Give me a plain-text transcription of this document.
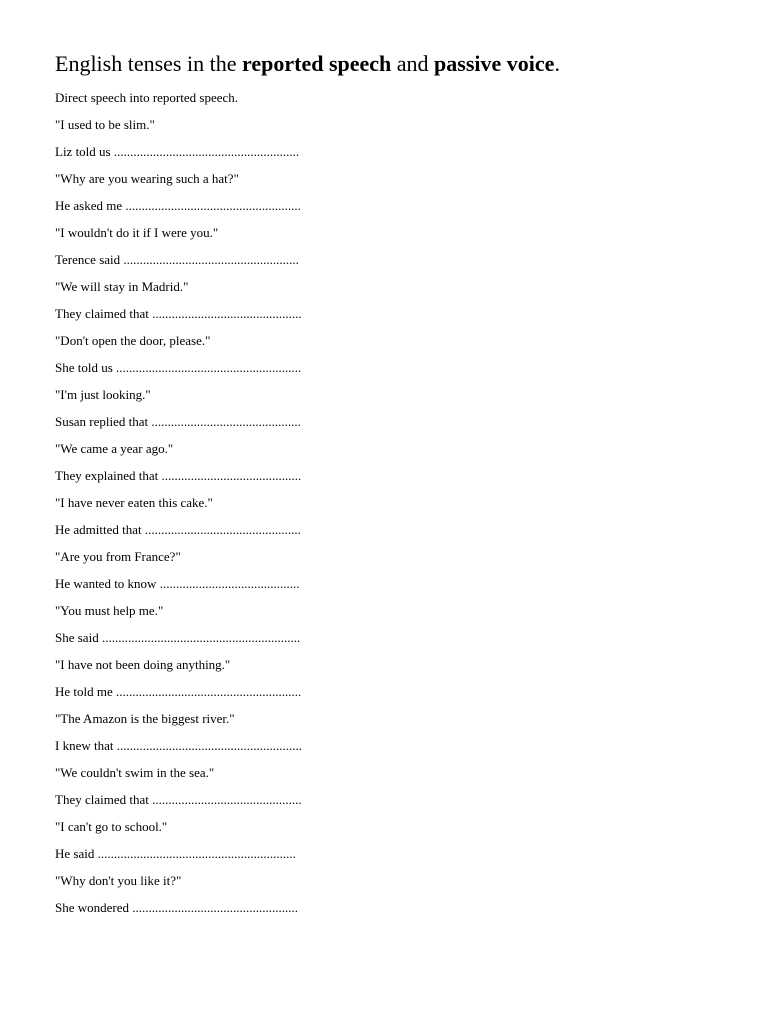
English tenses in the reported speech and passive voice.
Direct speech into reported speech.
"I used to be slim."
Liz told us .........................................................
"Why are you wearing such a hat?"
He asked me ......................................................
"I wouldn't do it if I were you."
Terence said ......................................................
"We will stay in Madrid."
They claimed that ..............................................
"Don't open the door, please."
She told us .........................................................
"I'm just looking."
Susan replied that ..............................................
"We came a year ago."
They explained that ...........................................
"I have never eaten this cake."
He admitted that ................................................
"Are you from France?"
He wanted to know ...........................................
"You must help me."
She said .............................................................
"I have not been doing anything."
He told me .........................................................
"The Amazon is the biggest river."
I knew that .........................................................
"We couldn't swim in the sea."
They claimed that ..............................................
"I can't go to school."
He said .............................................................
"Why don't you like it?"
She wondered ...................................................
